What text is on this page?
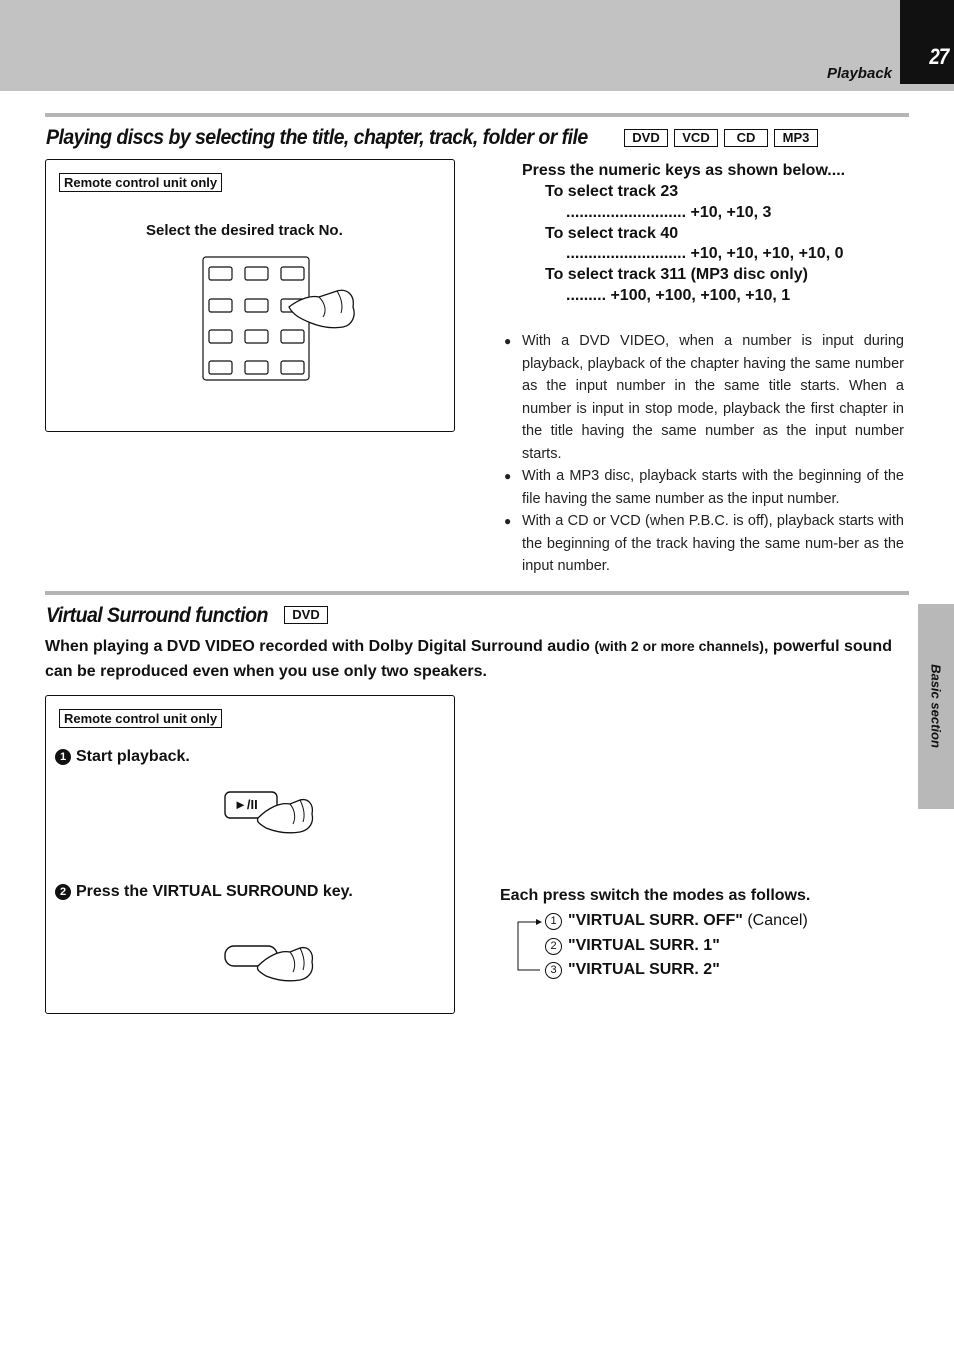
27
Playback
Playing discs by selecting the title, chapter, track, folder or file	DVD	VCD	CD	MP3
Remote control unit only
Select the desired track No.
Press the numeric keys as shown below....
To select track 23
........................... +10, +10, 3
To select track 40
........................... +10, +10, +10, +10, 0
To select track 311 (MP3 disc only)
......... +100, +100, +100, +10, 1
● With a DVD VIDEO, when a number is input during playback, playback of the chapter having the same number as the input number in the same title starts. When a number is input in stop mode, playback the first chapter in the title having the same number as the input number starts.
● With a MP3 disc, playback starts with the beginning of the file having the same number as the input number.
● With a CD or VCD (when P.B.C. is off), playback starts with the beginning of the track having the same num-ber as the input number.
Virtual Surround function	DVD
When playing a DVD VIDEO recorded with Dolby Digital Surround audio (with 2 or more channels), powerful sound can be reproduced even when you use only two speakers.	Basic section
Remote control unit only
1 Start playback.
►/II
2 Press the VIRTUAL SURROUND key.	Each press switch the modes as follows.
1 "VIRTUAL SURR. OFF" (Cancel)
2 "VIRTUAL SURR. 1"
3 "VIRTUAL SURR. 2"
